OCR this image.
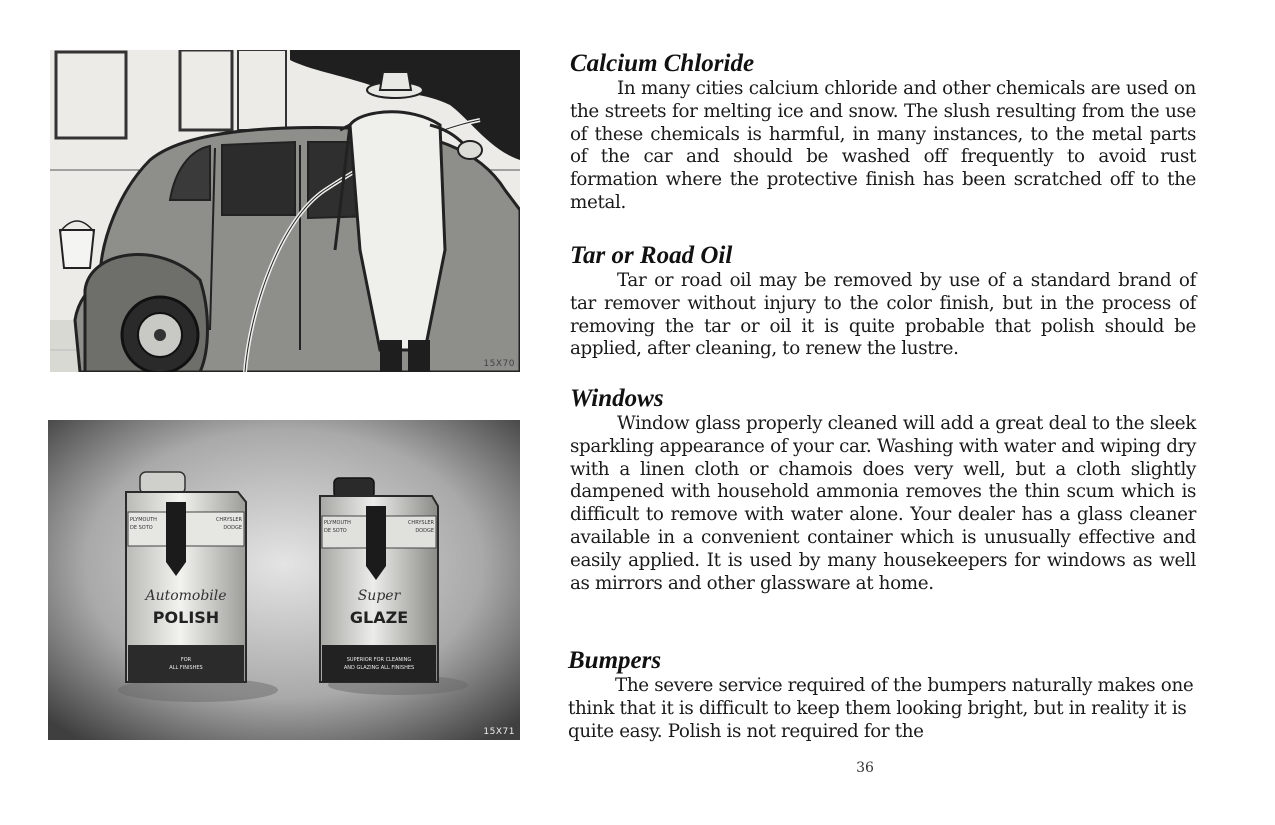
15X70
PLYMOUTH
DE SOTO
CHRYSLER
DODGE
Automobile
POLISH
FOR
ALL FINISHES
PLYMOUTH
DE SOTO
CHRYSLER
DODGE
Super
GLAZE
SUPERIOR FOR CLEANING
AND GLAZING ALL FINISHES
15X71
Calcium Chloride

In many cities calcium chloride and other chemicals are used on the streets for melting ice and snow. The slush resulting from the use of these chemicals is harmful, in many instances, to the metal parts of the car and should be washed off frequently to avoid rust formation where the protective finish has been scratched off to the metal.

Tar or Road Oil

Tar or road oil may be removed by use of a standard brand of tar remover without injury to the color finish, but in the process of removing the tar or oil it is quite probable that polish should be applied, after cleaning, to renew the lustre.

Windows

Window glass properly cleaned will add a great deal to the sleek sparkling appearance of your car. Washing with water and wiping dry with a linen cloth or chamois does very well, but a cloth slightly dampened with household ammonia removes the thin scum which is difficult to remove with water alone. Your dealer has a glass cleaner available in a convenient container which is unusually effective and easily applied. It is used by many housekeepers for windows as well as mirrors and other glassware at home.

Bumpers

The severe service required of the bumpers naturally makes one think that it is difficult to keep them looking bright, but in reality it is quite easy. Polish is not required for the

36
